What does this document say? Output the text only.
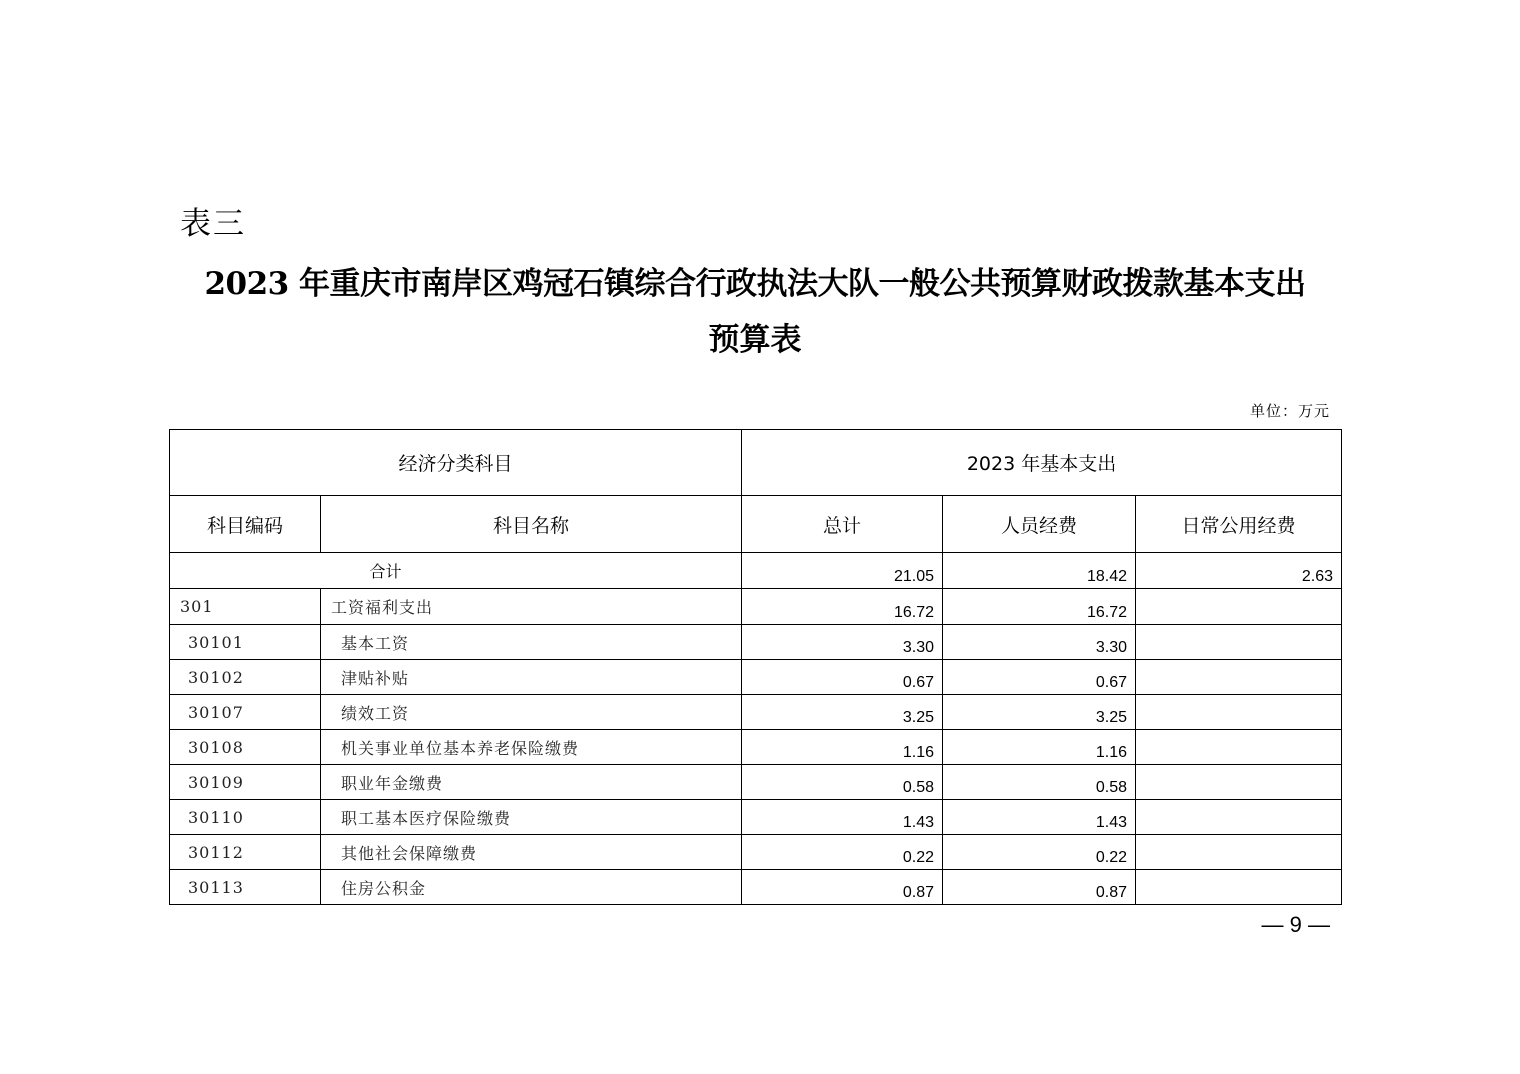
表三
2023 年重庆市南岸区鸡冠石镇综合行政执法大队一般公共预算财政拨款基本支出
预算表
单位：万元
经济分类科目		2023 年基本支出		
科目编码	科目名称	总计	人员经费	日常公用经费
合计		21.05	18.42	2.63
301	工资福利支出	16.72	16.72	
30101	基本工资	3.30	3.30	
30102	津贴补贴	0.67	0.67	
30107	绩效工资	3.25	3.25	
30108	机关事业单位基本养老保险缴费	1.16	1.16	
30109	职业年金缴费	0.58	0.58	
30110	职工基本医疗保险缴费	1.43	1.43	
30112	其他社会保障缴费	0.22	0.22	
30113	住房公积金	0.87	0.87	
— 9 —
